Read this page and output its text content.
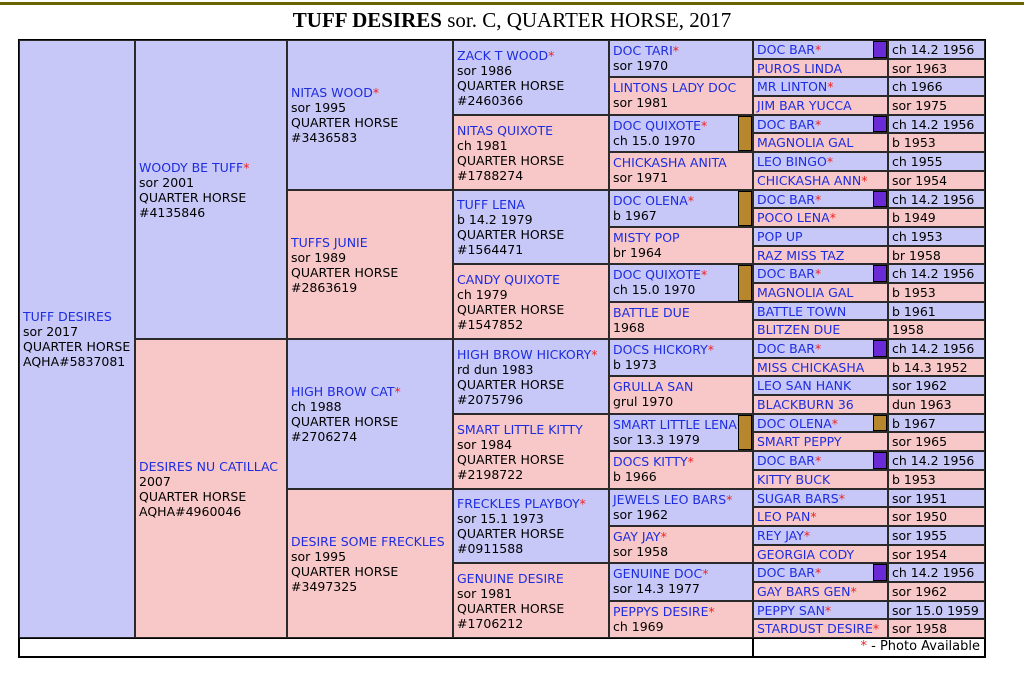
TUFF DESIRES sor. C, QUARTER HORSE, 2017
TUFF DESIRES
sor 2017
QUARTER HORSE
AQHA#5837081
WOODY BE TUFF*
sor 2001
QUARTER HORSE
#4135846
DESIRES NU CATILLAC
2007
QUARTER HORSE
AQHA#4960046
NITAS WOOD*
sor 1995
QUARTER HORSE
#3436583
TUFFS JUNIE
sor 1989
QUARTER HORSE
#2863619
HIGH BROW CAT*
ch 1988
QUARTER HORSE
#2706274
DESIRE SOME FRECKLES
sor 1995
QUARTER HORSE
#3497325
ZACK T WOOD*
sor 1986
QUARTER HORSE
#2460366
NITAS QUIXOTE
ch 1981
QUARTER HORSE
#1788274
TUFF LENA
b 14.2 1979
QUARTER HORSE
#1564471
CANDY QUIXOTE
ch 1979
QUARTER HORSE
#1547852
HIGH BROW HICKORY*
rd dun 1983
QUARTER HORSE
#2075796
SMART LITTLE KITTY
sor 1984
QUARTER HORSE
#2198722
FRECKLES PLAYBOY*
sor 15.1 1973
QUARTER HORSE
#0911588
GENUINE DESIRE
sor 1981
QUARTER HORSE
#1706212
DOC TARI*
sor 1970
LINTONS LADY DOC
sor 1981
DOC QUIXOTE*
ch 15.0 1970
CHICKASHA ANITA
sor 1971
DOC OLENA*
b 1967
MISTY POP
br 1964
DOC QUIXOTE*
ch 15.0 1970
BATTLE DUE
1968
DOCS HICKORY*
b 1973
GRULLA SAN
grul 1970
SMART LITTLE LENA
sor 13.3 1979
DOCS KITTY*
b 1966
JEWELS LEO BARS*
sor 1962
GAY JAY*
sor 1958
GENUINE DOC*
sor 14.3 1977
PEPPYS DESIRE*
ch 1969
DOC BAR*	ch 14.2 1956
PUROS LINDA	sor 1963
MR LINTON*	ch 1966
JIM BAR YUCCA	sor 1975
DOC BAR*	ch 14.2 1956
MAGNOLIA GAL	b 1953
LEO BINGO*	ch 1955
CHICKASHA ANN*	sor 1954
DOC BAR*	ch 14.2 1956
POCO LENA*	b 1949
POP UP	ch 1953
RAZ MISS TAZ	br 1958
DOC BAR*	ch 14.2 1956
MAGNOLIA GAL	b 1953
BATTLE TOWN	b 1961
BLITZEN DUE	1958
DOC BAR*	ch 14.2 1956
MISS CHICKASHA	b 14.3 1952
LEO SAN HANK	sor 1962
BLACKBURN 36	dun 1963
DOC OLENA*	b 1967
SMART PEPPY	sor 1965
DOC BAR*	ch 14.2 1956
KITTY BUCK	b 1953
SUGAR BARS*	sor 1951
LEO PAN*	sor 1950
REY JAY*	sor 1955
GEORGIA CODY	sor 1954
DOC BAR*	ch 14.2 1956
GAY BARS GEN*	sor 1962
PEPPY SAN*	sor 15.0 1959
STARDUST DESIRE*	sor 1958
* - Photo Available
